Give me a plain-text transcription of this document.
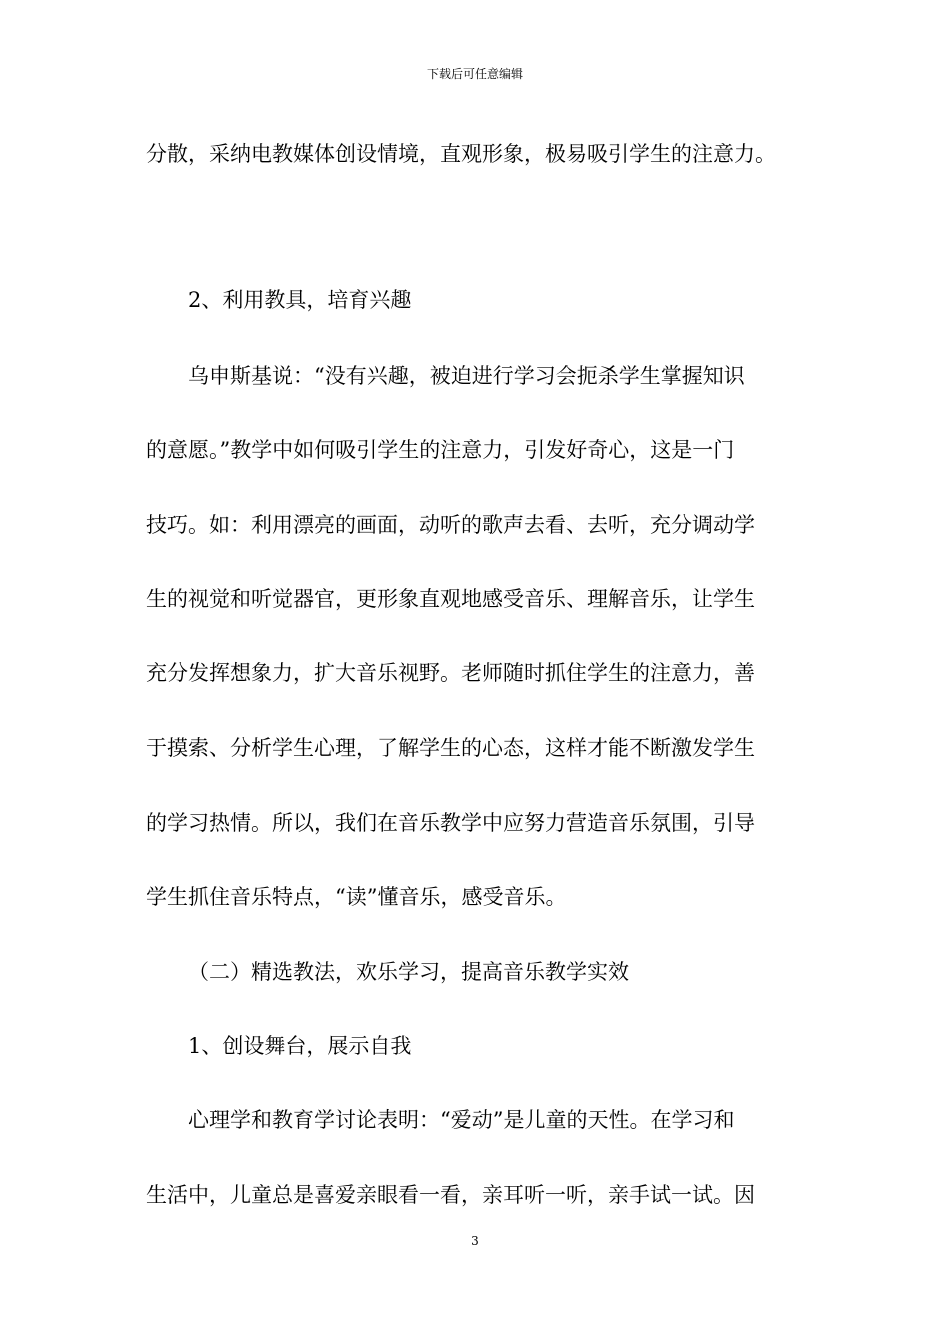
下载后可任意编辑
分散，采纳电教媒体创设情境，直观形象，极易吸引学生的注意力。
2、利用教具，培育兴趣
乌申斯基说：“没有兴趣，被迫进行学习会扼杀学生掌握知识
的意愿。”教学中如何吸引学生的注意力，引发好奇心，这是一门
技巧。如：利用漂亮的画面，动听的歌声去看、去听，充分调动学
生的视觉和听觉器官，更形象直观地感受音乐、理解音乐，让学生
充分发挥想象力，扩大音乐视野。老师随时抓住学生的注意力，善
于摸索、分析学生心理，了解学生的心态，这样才能不断激发学生
的学习热情。所以，我们在音乐教学中应努力营造音乐氛围，引导
学生抓住音乐特点，“读”懂音乐，感受音乐。
（二）精选教法，欢乐学习，提高音乐教学实效
1、创设舞台，展示自我
心理学和教育学讨论表明：“爱动”是儿童的天性。在学习和
生活中，儿童总是喜爱亲眼看一看，亲耳听一听，亲手试一试。因
3
